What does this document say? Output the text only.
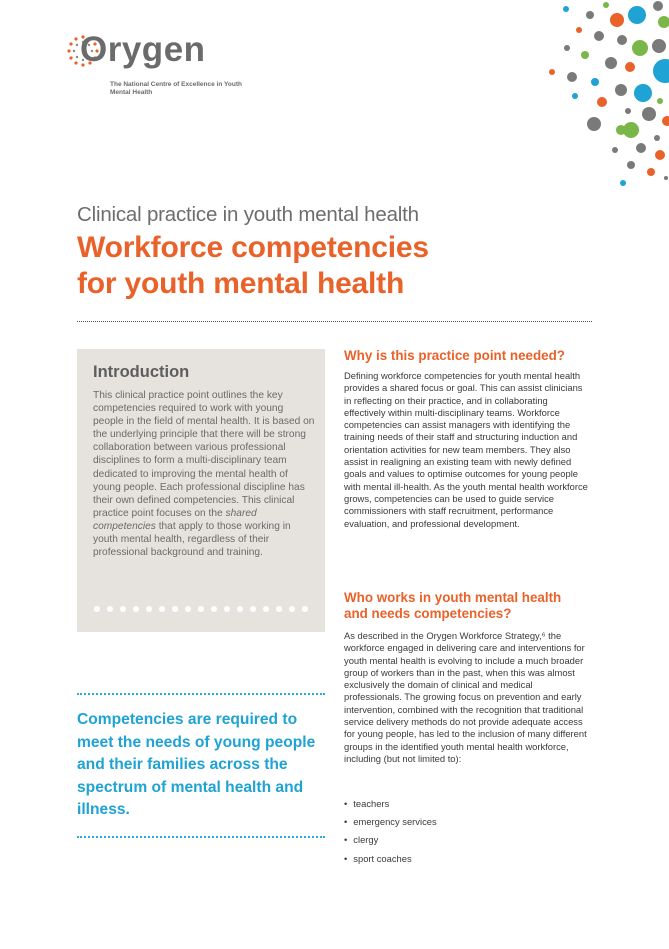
Orygen
The National Centre of Excellence in Youth Mental Health
Clinical practice in youth mental health
Workforce competencies
for youth mental health
Introduction
This clinical practice point outlines the key competencies required to work with young people in the field of mental health. It is based on the underlying principle that there will be strong collaboration between various professional disciplines to form a multi-disciplinary team dedicated to improving the mental health of young people. Each professional discipline has their own defined competencies. This clinical practice point focuses on the shared competencies that apply to those working in youth mental health, regardless of their professional background and training.
Competencies are required to meet the needs of young people and their families across the spectrum of mental health and illness.
Why is this practice point needed?
Defining workforce competencies for youth mental health provides a shared focus or goal. This can assist clinicians in reflecting on their practice, and in collaborating effectively within multi-disciplinary teams. Workforce competencies can assist managers with identifying the training needs of their staff and structuring induction and orientation activities for new team members. They also assist in realigning an existing team with newly defined goals and values to optimise outcomes for young people with mental ill-health. As the youth mental health workforce grows, competencies can be used to guide service commissioners with staff recruitment, performance evaluation, and professional development.
Who works in youth mental health
and needs competencies?
As described in the Orygen Workforce Strategy,⁶ the workforce engaged in delivering care and interventions for youth mental health is evolving to include a much broader group of workers than in the past, when this was almost exclusively the domain of clinical and medical professionals. The growing focus on prevention and early intervention, combined with the recognition that traditional service delivery methods do not provide adequate access for young people, has led to the inclusion of many different groups in the identified youth mental health workforce, including (but not limited to):
• teachers
• emergency services
• clergy
• sport coaches
